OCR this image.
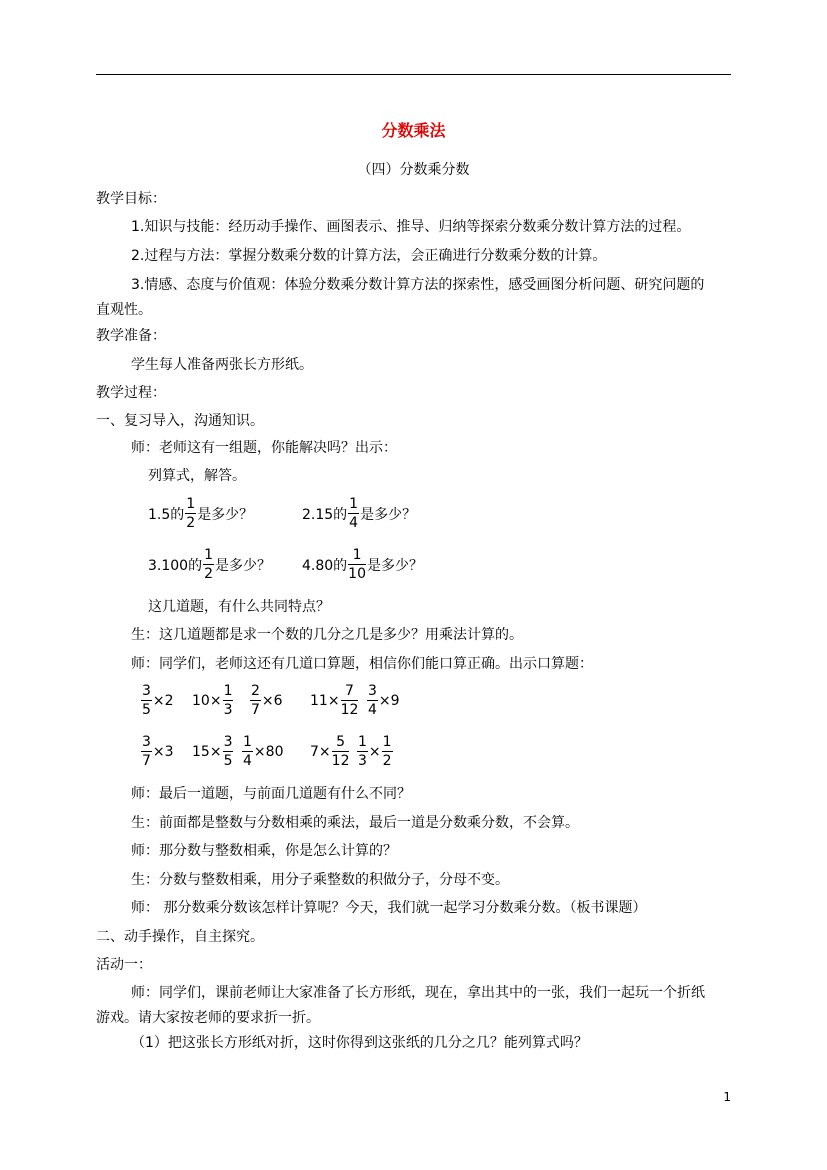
分数乘法
（四）分数乘分数
教学目标：
1.知识与技能：经历动手操作、画图表示、推导、归纳等探索分数乘分数计算方法的过程。
2.过程与方法：掌握分数乘分数的计算方法，会正确进行分数乘分数的计算。
3.情感、态度与价值观：体验分数乘分数计算方法的探索性，感受画图分析问题、研究问题的
直观性。
教学准备：
学生每人准备两张长方形纸。
教学过程：
一、复习导入，沟通知识。
师：老师这有一组题，你能解决吗？出示：
列算式，解答。
1.5的 $\frac{1}{2}$ 是多少？	2.15的 $\frac{1}{4}$ 是多少？
3.100的 $\frac{1}{2}$ 是多少？ 4.80的 $\frac{1}{10}$ 是多少？
这几道题，有什么共同特点？
生：这几道题都是求一个数的几分之几是多少？用乘法计算的。
师：同学们，老师这还有几道口算题，相信你们能口算正确。出示口算题：
$\frac{3}{5} \times 2$ $10 \times \frac{1}{3} \frac{2}{7} \times 6$ $11 \times \frac{7}{12} \frac{3}{4} \times 9$
$\frac{3}{7} \times 3$ $15 \times \frac{3}{5} \frac{1}{4} \times 80$ $7 \times \frac{5}{12} \frac{1}{3} \times \frac{1}{2}$
师：最后一道题，与前面几道题有什么不同？
生：前面都是整数与分数相乘的乘法，最后一道是分数乘分数，不会算。
师：那分数与整数相乘，你是怎么计算的？
生：分数与整数相乘，用分子乘整数的积做分子，分母不变。
师： 那分数乘分数该怎样计算呢？今天，我们就一起学习分数乘分数。（板书课题）
二、动手操作，自主探究。
活动一：
师：同学们，课前老师让大家准备了长方形纸，现在，拿出其中的一张，我们一起玩一个折纸
游戏。请大家按老师的要求折一折。
（1）把这张长方形纸对折，这时你得到这张纸的几分之几？能列算式吗？
1
